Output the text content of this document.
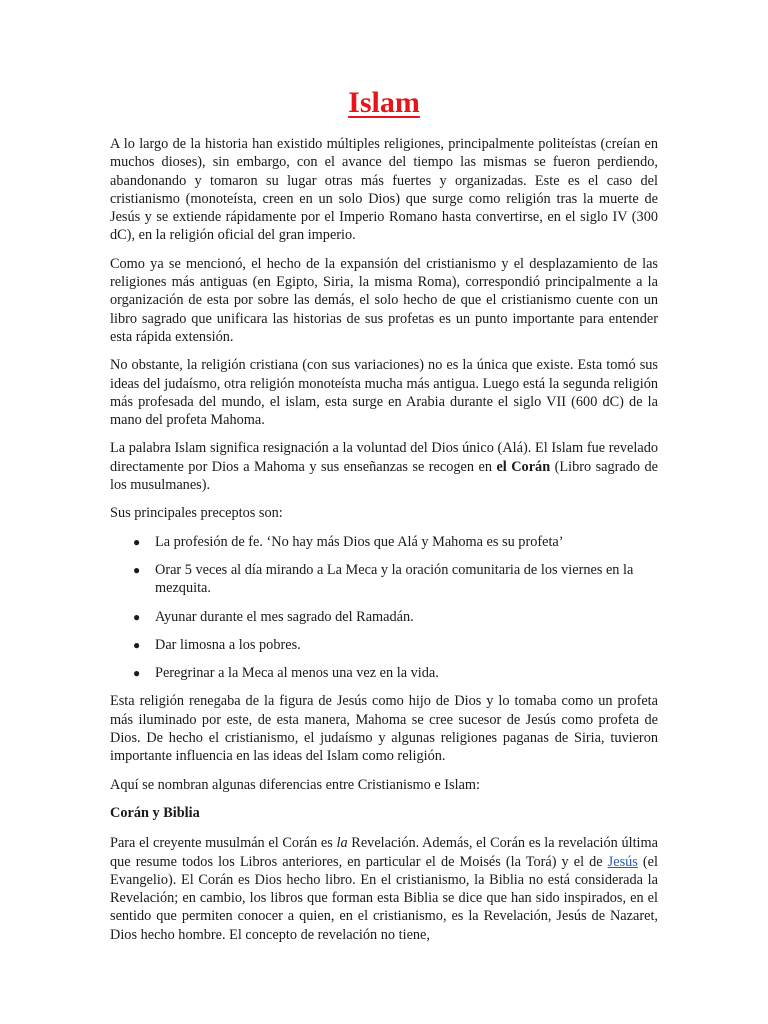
Islam

A lo largo de la historia han existido múltiples religiones, principalmente politeístas (creían en muchos dioses), sin embargo, con el avance del tiempo las mismas se fueron perdiendo, abandonando y tomaron su lugar otras más fuertes y organizadas. Este es el caso del cristianismo (monoteísta, creen en un solo Dios) que surge como religión tras la muerte de Jesús y se extiende rápidamente por el Imperio Romano hasta convertirse, en el siglo IV (300 dC), en la religión oficial del gran imperio.

Como ya se mencionó, el hecho de la expansión del cristianismo y el desplazamiento de las religiones más antiguas (en Egipto, Siria, la misma Roma), correspondió principalmente a la organización de esta por sobre las demás, el solo hecho de que el cristianismo cuente con un libro sagrado que unificara las historias de sus profetas es un punto importante para entender esta rápida extensión.

No obstante, la religión cristiana (con sus variaciones) no es la única que existe. Esta tomó sus ideas del judaísmo, otra religión monoteísta mucha más antigua. Luego está la segunda religión más profesada del mundo, el islam, esta surge en Arabia durante el siglo VII (600 dC) de la mano del profeta Mahoma.

La palabra Islam significa resignación a la voluntad del Dios único (Alá). El Islam fue revelado directamente por Dios a Mahoma y sus enseñanzas se recogen en el Corán (Libro sagrado de los musulmanes).

Sus principales preceptos son:

● La profesión de fe. ‘No hay más Dios que Alá y Mahoma es su profeta’
● Orar 5 veces al día mirando a La Meca y la oración comunitaria de los viernes en la mezquita.
● Ayunar durante el mes sagrado del Ramadán.
● Dar limosna a los pobres.
● Peregrinar a la Meca al menos una vez en la vida.

Esta religión renegaba de la figura de Jesús como hijo de Dios y lo tomaba como un profeta más iluminado por este, de esta manera, Mahoma se cree sucesor de Jesús como profeta de Dios. De hecho el cristianismo, el judaísmo y algunas religiones paganas de Siria, tuvieron importante influencia en las ideas del Islam como religión.

Aquí se nombran algunas diferencias entre Cristianismo e Islam:

Corán y Biblia

Para el creyente musulmán el Corán es la Revelación. Además, el Corán es la revelación última que resume todos los Libros anteriores, en particular el de Moisés (la Torá) y el de Jesús (el Evangelio). El Corán es Dios hecho libro. En el cristianismo, la Biblia no está considerada la Revelación; en cambio, los libros que forman esta Biblia se dice que han sido inspirados, en el sentido que permiten conocer a quien, en el cristianismo, es la Revelación, Jesús de Nazaret, Dios hecho hombre. El concepto de revelación no tiene,
